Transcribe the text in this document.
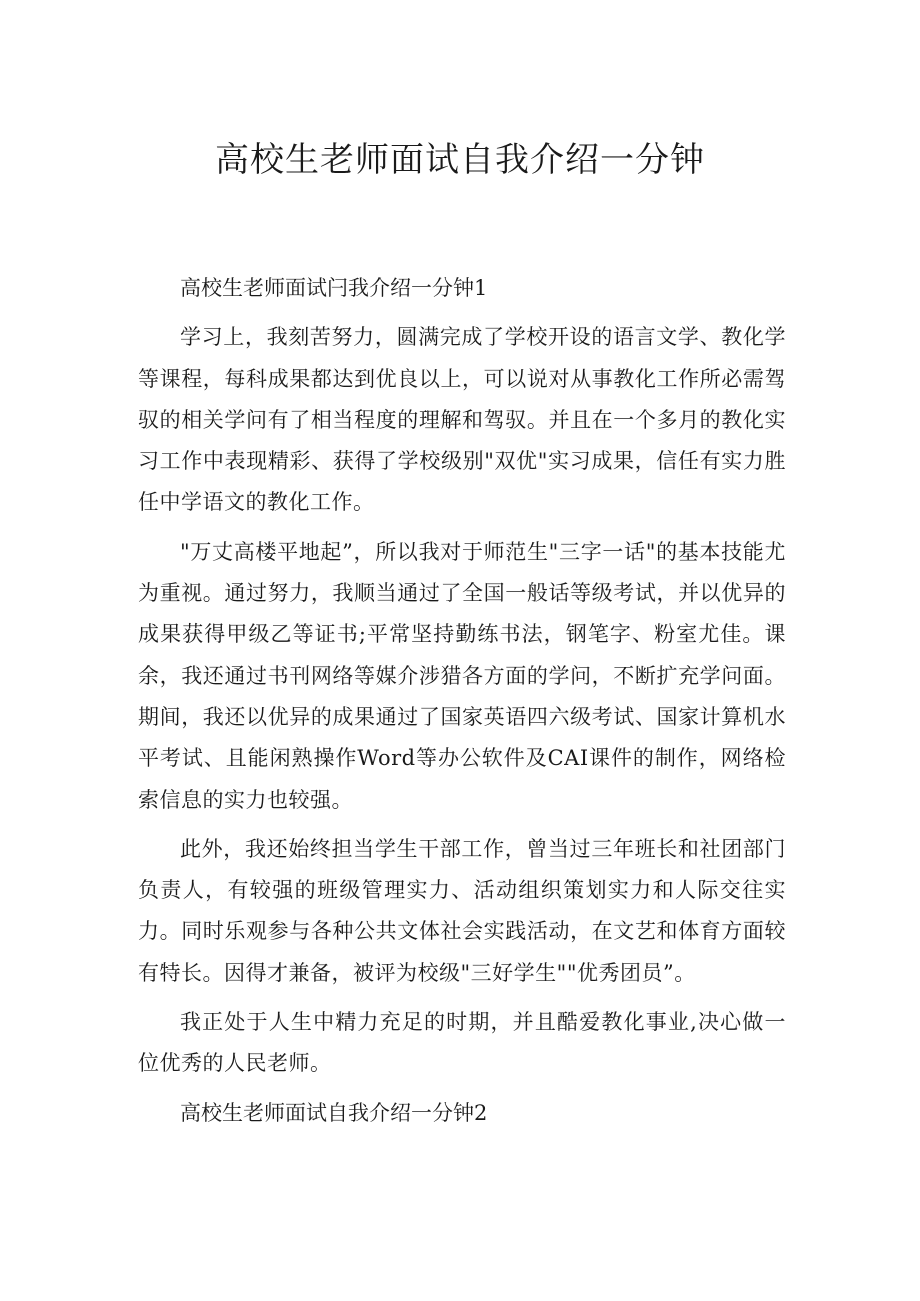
高校生老师面试自我介绍一分钟

高校生老师面试闩我介绍一分钟1

学习上，我刻苦努力，圆满完成了学校开设的语言文学、教化学等课程，每科成果都达到优良以上，可以说对从事教化工作所必需驾驭的相关学问有了相当程度的理解和驾驭。并且在一个多月的教化实习工作中表现精彩、获得了学校级别"双优"实习成果，信任有实力胜任中学语文的教化工作。

"万丈高楼平地起”，所以我对于师范生"三字一话"的基本技能尤为重视。通过努力，我顺当通过了全国一般话等级考试，并以优异的成果获得甲级乙等证书;平常坚持勤练书法，钢笔字、粉室尤佳。课余，我还通过书刊网络等媒介涉猎各方面的学问，不断扩充学问面。期间，我还以优异的成果通过了国家英语四六级考试、国家计算机水平考试、且能闲熟操作Word等办公软件及CAI课件的制作，网络检索信息的实力也较强。

此外，我还始终担当学生干部工作，曾当过三年班长和社团部门负责人，有较强的班级管理实力、活动组织策划实力和人际交往实力。同时乐观参与各种公共文体社会实践活动，在文艺和体育方面较有特长。因得才兼备，被评为校级"三好学生""优秀团员”。

我正处于人生中精力充足的时期，并且酷爱教化事业,决心做一位优秀的人民老师。

高校生老师面试自我介绍一分钟2
